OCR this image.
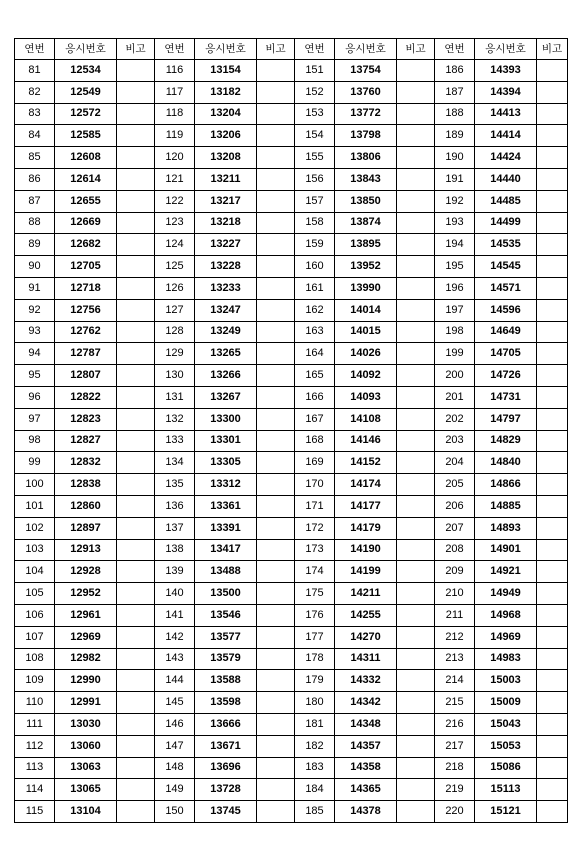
연번	응시번호	비고	연번	응시번호	비고	연번	응시번호	비고	연번	응시번호	비고
81	12534		116	13154		151	13754		186	14393	
82	12549		117	13182		152	13760		187	14394	
83	12572		118	13204		153	13772		188	14413	
84	12585		119	13206		154	13798		189	14414	
85	12608		120	13208		155	13806		190	14424	
86	12614		121	13211		156	13843		191	14440	
87	12655		122	13217		157	13850		192	14485	
88	12669		123	13218		158	13874		193	14499	
89	12682		124	13227		159	13895		194	14535	
90	12705		125	13228		160	13952		195	14545	
91	12718		126	13233		161	13990		196	14571	
92	12756		127	13247		162	14014		197	14596	
93	12762		128	13249		163	14015		198	14649	
94	12787		129	13265		164	14026		199	14705	
95	12807		130	13266		165	14092		200	14726	
96	12822		131	13267		166	14093		201	14731	
97	12823		132	13300		167	14108		202	14797	
98	12827		133	13301		168	14146		203	14829	
99	12832		134	13305		169	14152		204	14840	
100	12838		135	13312		170	14174		205	14866	
101	12860		136	13361		171	14177		206	14885	
102	12897		137	13391		172	14179		207	14893	
103	12913		138	13417		173	14190		208	14901	
104	12928		139	13488		174	14199		209	14921	
105	12952		140	13500		175	14211		210	14949	
106	12961		141	13546		176	14255		211	14968	
107	12969		142	13577		177	14270		212	14969	
108	12982		143	13579		178	14311		213	14983	
109	12990		144	13588		179	14332		214	15003	
110	12991		145	13598		180	14342		215	15009	
111	13030		146	13666		181	14348		216	15043	
112	13060		147	13671		182	14357		217	15053	
113	13063		148	13696		183	14358		218	15086	
114	13065		149	13728		184	14365		219	15113	
115	13104		150	13745		185	14378		220	15121	
